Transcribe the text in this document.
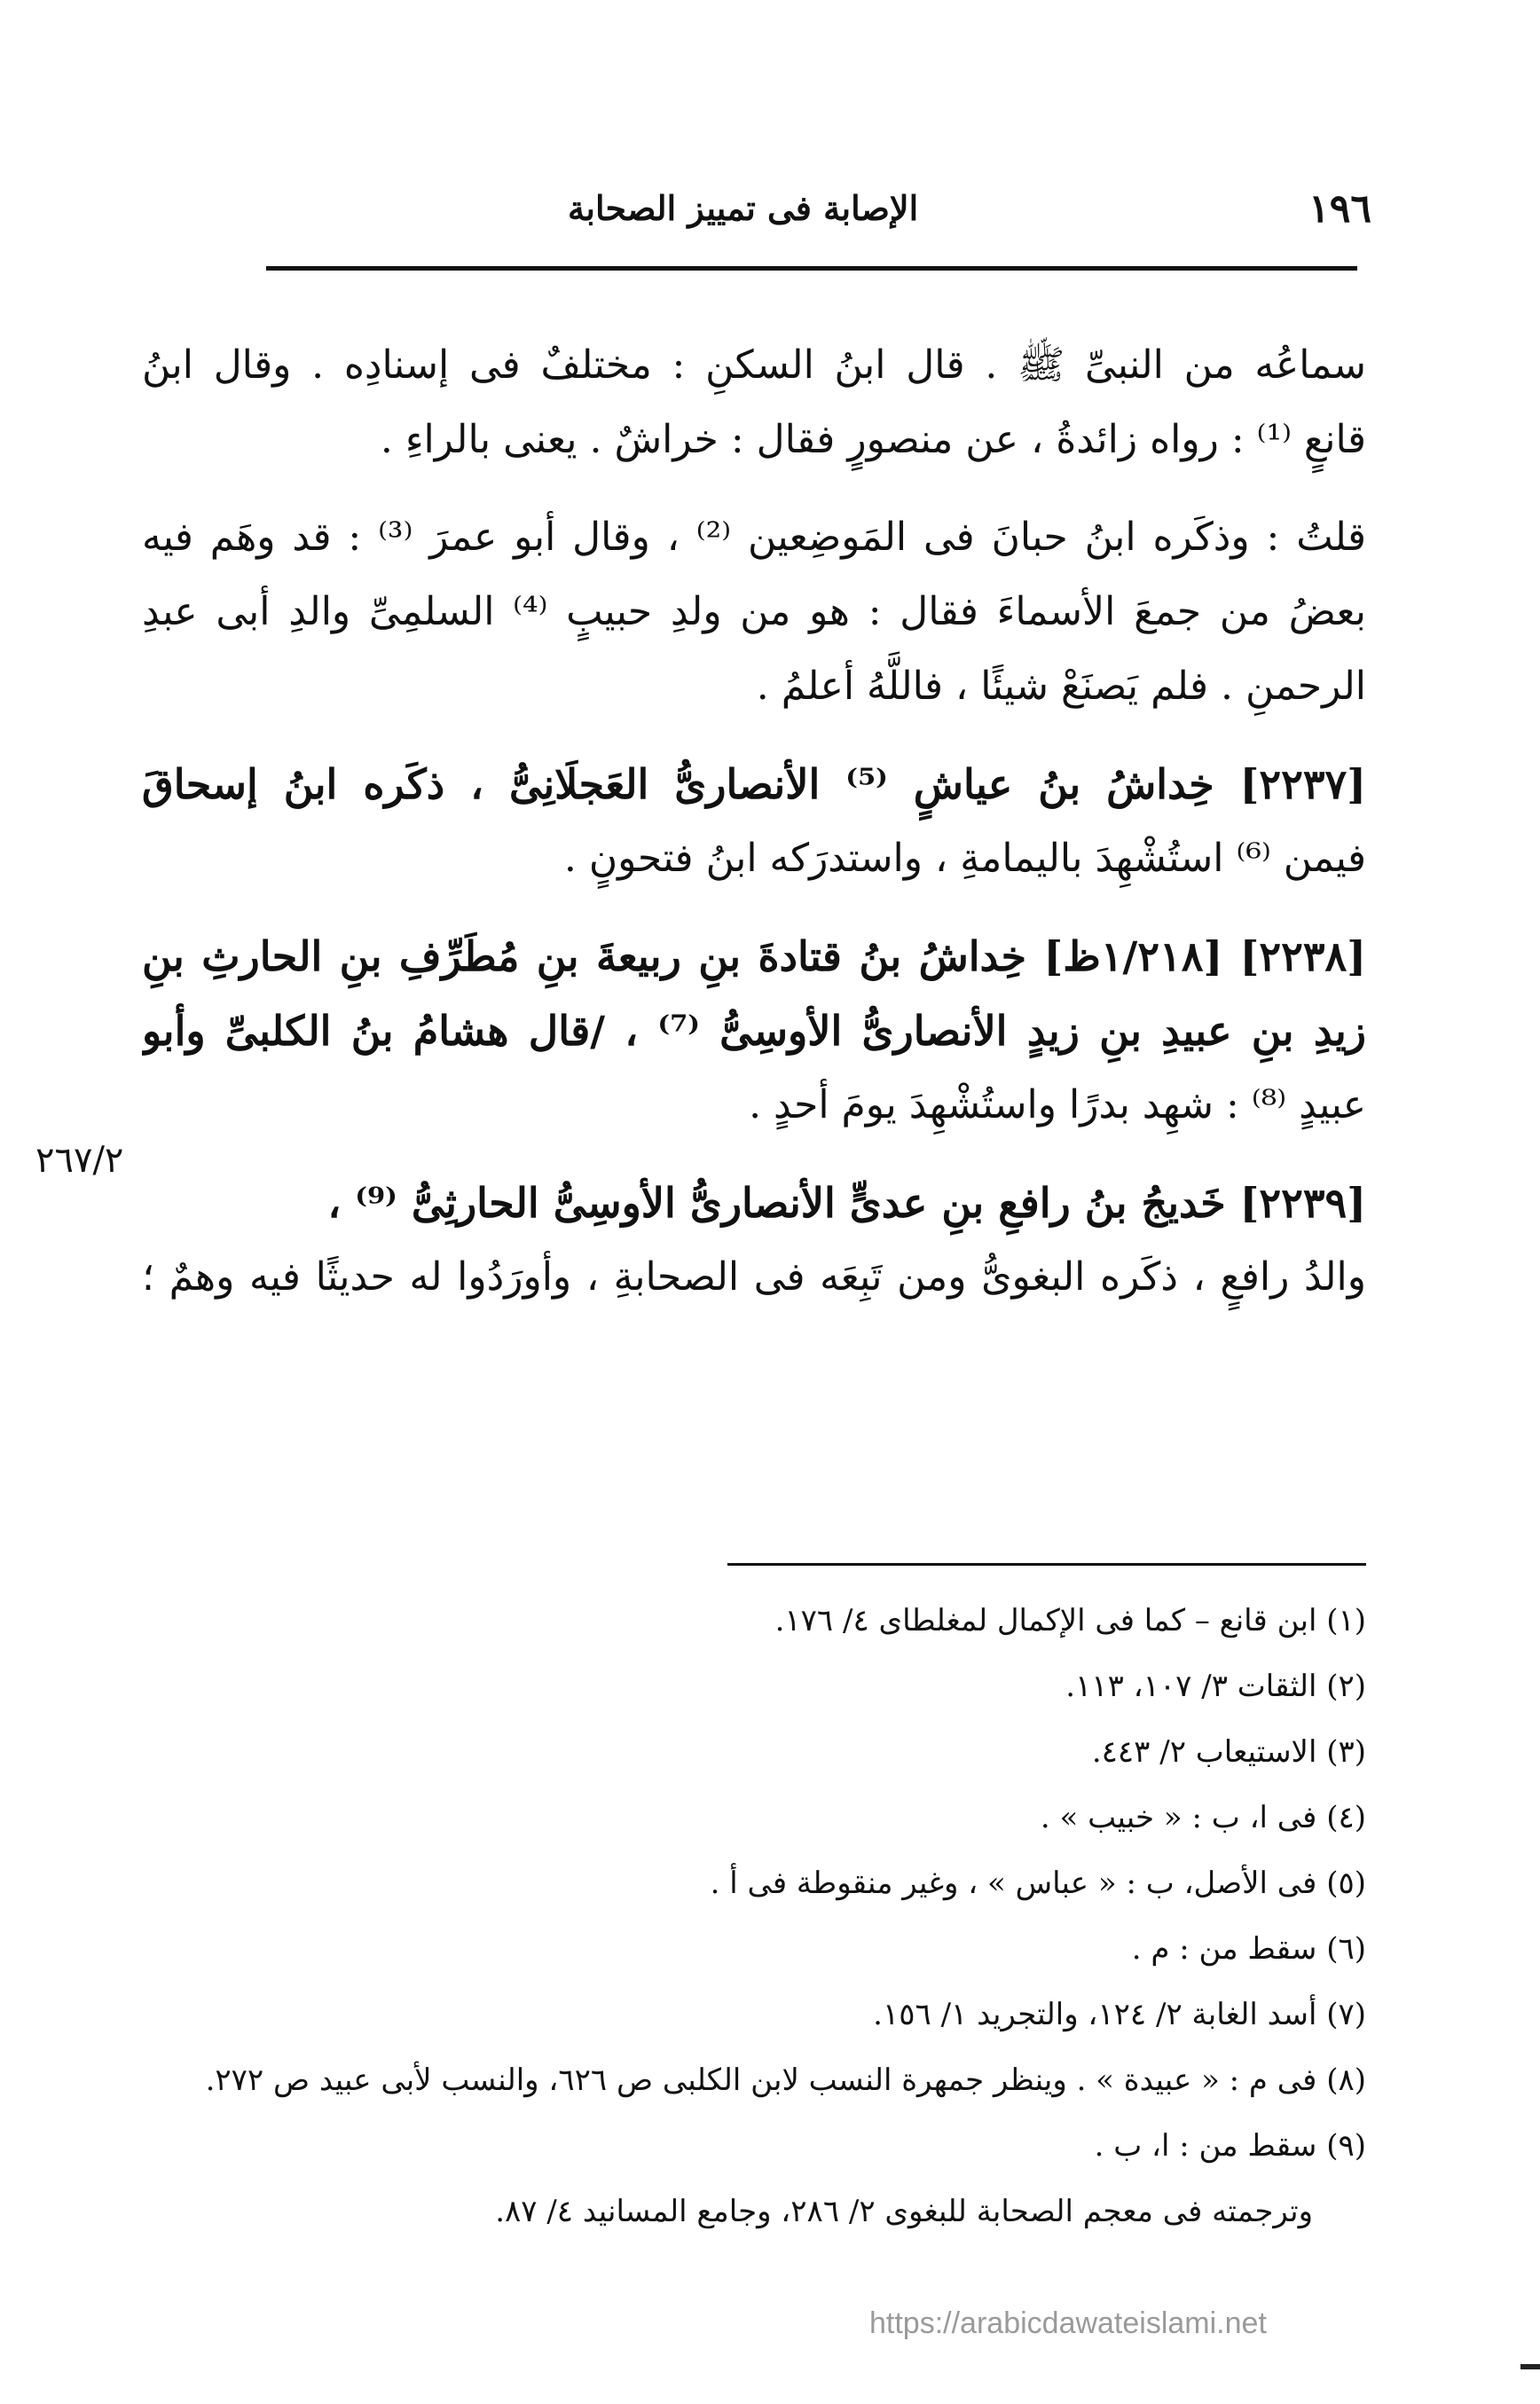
١٩٦
الإصابة فى تمييز الصحابة
٢٦٧/٢
سماعُه من النبىِّ ﷺ . قال ابنُ السكنِ : مختلفٌ فى إسنادِه . وقال ابنُ
قانعٍ ⁽¹⁾ : رواه زائدةُ ، عن منصورٍ فقال : خراشٌ . يعنى بالراءِ .
قلتُ : وذكَره ابنُ حبانَ فى المَوضِعين ⁽²⁾ ، وقال أبو عمرَ ⁽³⁾ : قد وهَم فيه
بعضُ من جمعَ الأسماءَ فقال : هو من ولدِ حبيبٍ ⁽⁴⁾ السلمِىِّ والدِ أبى عبدِ
الرحمنِ . فلم يَصنَعْ شيئًا ، فاللَّهُ أعلمُ .
[٢٢٣٧] خِداشُ بنُ عياشٍ ⁽⁵⁾ الأنصارىُّ العَجلَانِىُّ ، ذكَره ابنُ إسحاقَ
فيمن ⁽⁶⁾ استُشْهِدَ باليمامةِ ، واستدرَكه ابنُ فتحونٍ .
[٢٢٣٨] [١/٢١٨ظ] خِداشُ بنُ قتادةَ بنِ ربيعةَ بنِ مُطَرِّفِ بنِ الحارثِ بنِ
زيدِ بنِ عبيدِ بنِ زيدٍ الأنصارىُّ الأوسِىُّ ⁽⁷⁾ ، /قال هشامُ بنُ الكلبىِّ وأبو
عبيدٍ ⁽⁸⁾ : شهِد بدرًا واستُشْهِدَ يومَ أحدٍ .
[٢٢٣٩] خَديجُ بنُ رافعِ بنِ عدىٍّ الأنصارىُّ الأوسِىُّ الحارثِىُّ ⁽⁹⁾ ،
والدُ رافعٍ ، ذكَره البغوىُّ ومن تَبِعَه فى الصحابةِ ، وأورَدُوا له حديثًا فيه وهمٌ ؛
(١) ابن قانع – كما فى الإكمال لمغلطاى ٤/ ١٧٦.
(٢) الثقات ٣/ ١٠٧، ١١٣.
(٣) الاستيعاب ٢/ ٤٤٣.
(٤) فى ا، ب : « خبيب » .
(٥) فى الأصل، ب : « عباس » ، وغير منقوطة فى أ .
(٦) سقط من : م .
(٧) أسد الغابة ٢/ ١٢٤، والتجريد ١/ ١٥٦.
(٨) فى م : « عبيدة » . وينظر جمهرة النسب لابن الكلبى ص ٦٢٦، والنسب لأبى عبيد ص ٢٧٢.
(٩) سقط من : ا، ب .
وترجمته فى معجم الصحابة للبغوى ٢/ ٢٨٦، وجامع المسانيد ٤/ ٨٧.
https://arabicdawateislami.net
